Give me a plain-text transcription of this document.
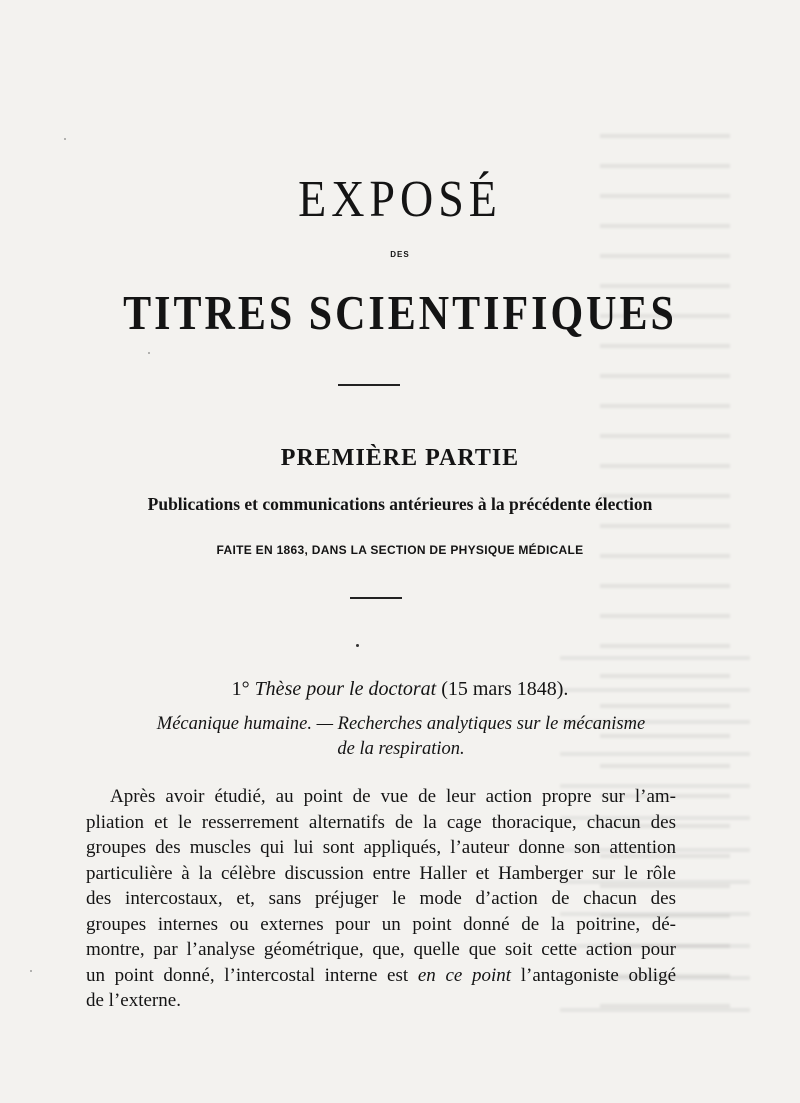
EXPOSÉ
DES
TITRES SCIENTIFIQUES
PREMIÈRE PARTIE
Publications et communications antérieures à la précédente élection
FAITE EN 1863, DANS LA SECTION DE PHYSIQUE MÉDICALE
1° Thèse pour le doctorat (15 mars 1848).
Mécanique humaine. — Recherches analytiques sur le mécanisme
de la respiration.
Après avoir étudié, au point de vue de leur action propre sur l’am-
pliation et le resserrement alternatifs de la cage thoracique, chacun des
groupes des muscles qui lui sont appliqués, l’auteur donne son attention
particulière à la célèbre discussion entre Haller et Hamberger sur le rôle
des intercostaux, et, sans préjuger le mode d’action de chacun des
groupes internes ou externes pour un point donné de la poitrine, dé-
montre, par l’analyse géométrique, que, quelle que soit cette action pour
un point donné, l’intercostal interne est en ce point l’antagoniste obligé
de l’externe.
